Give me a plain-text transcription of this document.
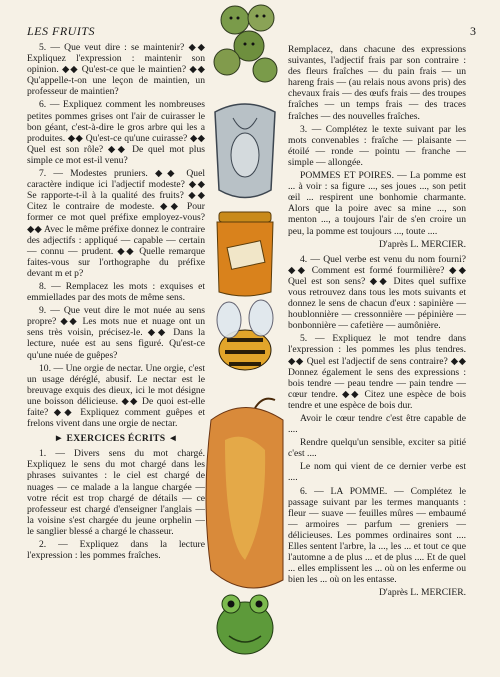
LES FRUITS	3

5. — Que veut dire : se maintenir? ◆◆ Expliquez l'expression : maintenir son opinion. ◆◆ Qu'est-ce que le maintien? ◆◆ Qu'appelle-t-on une leçon de maintien, un professeur de maintien?

6. — Expliquez comment les nombreuses petites pommes grises ont l'air de cuirasser le bon géant, c'est-à-dire le gros arbre qui les a produites. ◆◆ Qu'est-ce qu'une cuirasse? ◆◆ Quel est son rôle? ◆◆ De quel mot plus simple ce mot est-il venu?

7. — Modestes pruniers. ◆◆ Quel caractère indique ici l'adjectif modeste? ◆◆ Se rapporte-t-il à la qualité des fruits? ◆◆ Citez le contraire de modeste. ◆◆ Pour former ce mot quel préfixe employez-vous? ◆◆ Avec le même préfixe donnez le contraire des adjectifs : appliqué — capable — certain — connu — prudent. ◆◆ Quelle remarque faites-vous sur l'orthographe du préfixe devant m et p?

8. — Remplacez les mots : exquises et emmiellades par des mots de même sens.

9. — Que veut dire le mot nuée au sens propre? ◆◆ Les mots nue et nuage ont un sens très voisin, précisez-le. ◆◆ Dans la lecture, nuée est au sens figuré. Qu'est-ce qu'une nuée de guêpes?

10. — Une orgie de nectar. Une orgie, c'est un usage déréglé, abusif. Le nectar est le breuvage exquis des dieux, ici le mot désigne une boisson délicieuse. ◆◆ De quoi est-elle faite? ◆◆ Expliquez comment guêpes et frelons vivent dans une orgie de nectar.

► EXERCICES ÉCRITS ◄

1. — Divers sens du mot chargé. Expliquez le sens du mot chargé dans les phrases suivantes : le ciel est chargé de nuages — ce malade a la langue chargée — votre récit est trop chargé de détails — ce professeur est chargé d'enseigner l'anglais — la voisine s'est chargée du jeune orphelin — le sanglier blessé a chargé le chasseur.

2. — Expliquez dans la lecture l'expression : les pommes fraîches.

Remplacez, dans chacune des expressions suivantes, l'adjectif frais par son contraire : des fleurs fraîches — du pain frais — un hareng frais — (au relais nous avons pris) des chevaux frais — des œufs frais — des troupes fraîches — un temps frais — des traces fraîches — des nouvelles fraîches.

3. — Complétez le texte suivant par les mots convenables : fraîche — plaisante — étoilé — ronde — pointu — franche — simple — allongée.

POMMES ET POIRES. — La pomme est ... à voir : sa figure ..., ses joues ..., son petit œil ... respirent une bonhomie charmante. Alors que la poire avec sa mine ..., son menton ..., a toujours l'air de s'en croire un peu, la pomme est toujours ..., toute ....

D'après L. MERCIER.

4. — Quel verbe est venu du nom fourni? ◆◆ Comment est formé fourmilière? ◆◆ Quel est son sens? ◆◆ Dites quel suffixe vous retrouvez dans tous les mots suivants et donnez le sens de chacun d'eux : sapinière — houblonnière — cressonnière — pépinière — bonbonnière — cafetière — aumônière.

5. — Expliquez le mot tendre dans l'expression : les pommes les plus tendres. ◆◆ Quel est l'adjectif de sens contraire? ◆◆ Donnez également le sens des expressions : bois tendre — peau tendre — pain tendre — cœur tendre. ◆◆ Citez une espèce de bois tendre et une espèce de bois dur.

Avoir le cœur tendre c'est être capable de ....

Rendre quelqu'un sensible, exciter sa pitié c'est ....

Le nom qui vient de ce dernier verbe est ....

6. — LA POMME. — Complétez le passage suivant par les termes manquants : fleur — suave — feuilles mûres — embaumé — armoires — parfum — greniers — délicieuses. Les pommes ordinaires sont .... Elles sentent l'arbre, la ..., les ... et tout ce que l'automne a de plus ... et de plus .... Et de quel ... elles emplissent les ... où on les enferme ou bien les ... où on les entasse.

D'après L. MERCIER.
